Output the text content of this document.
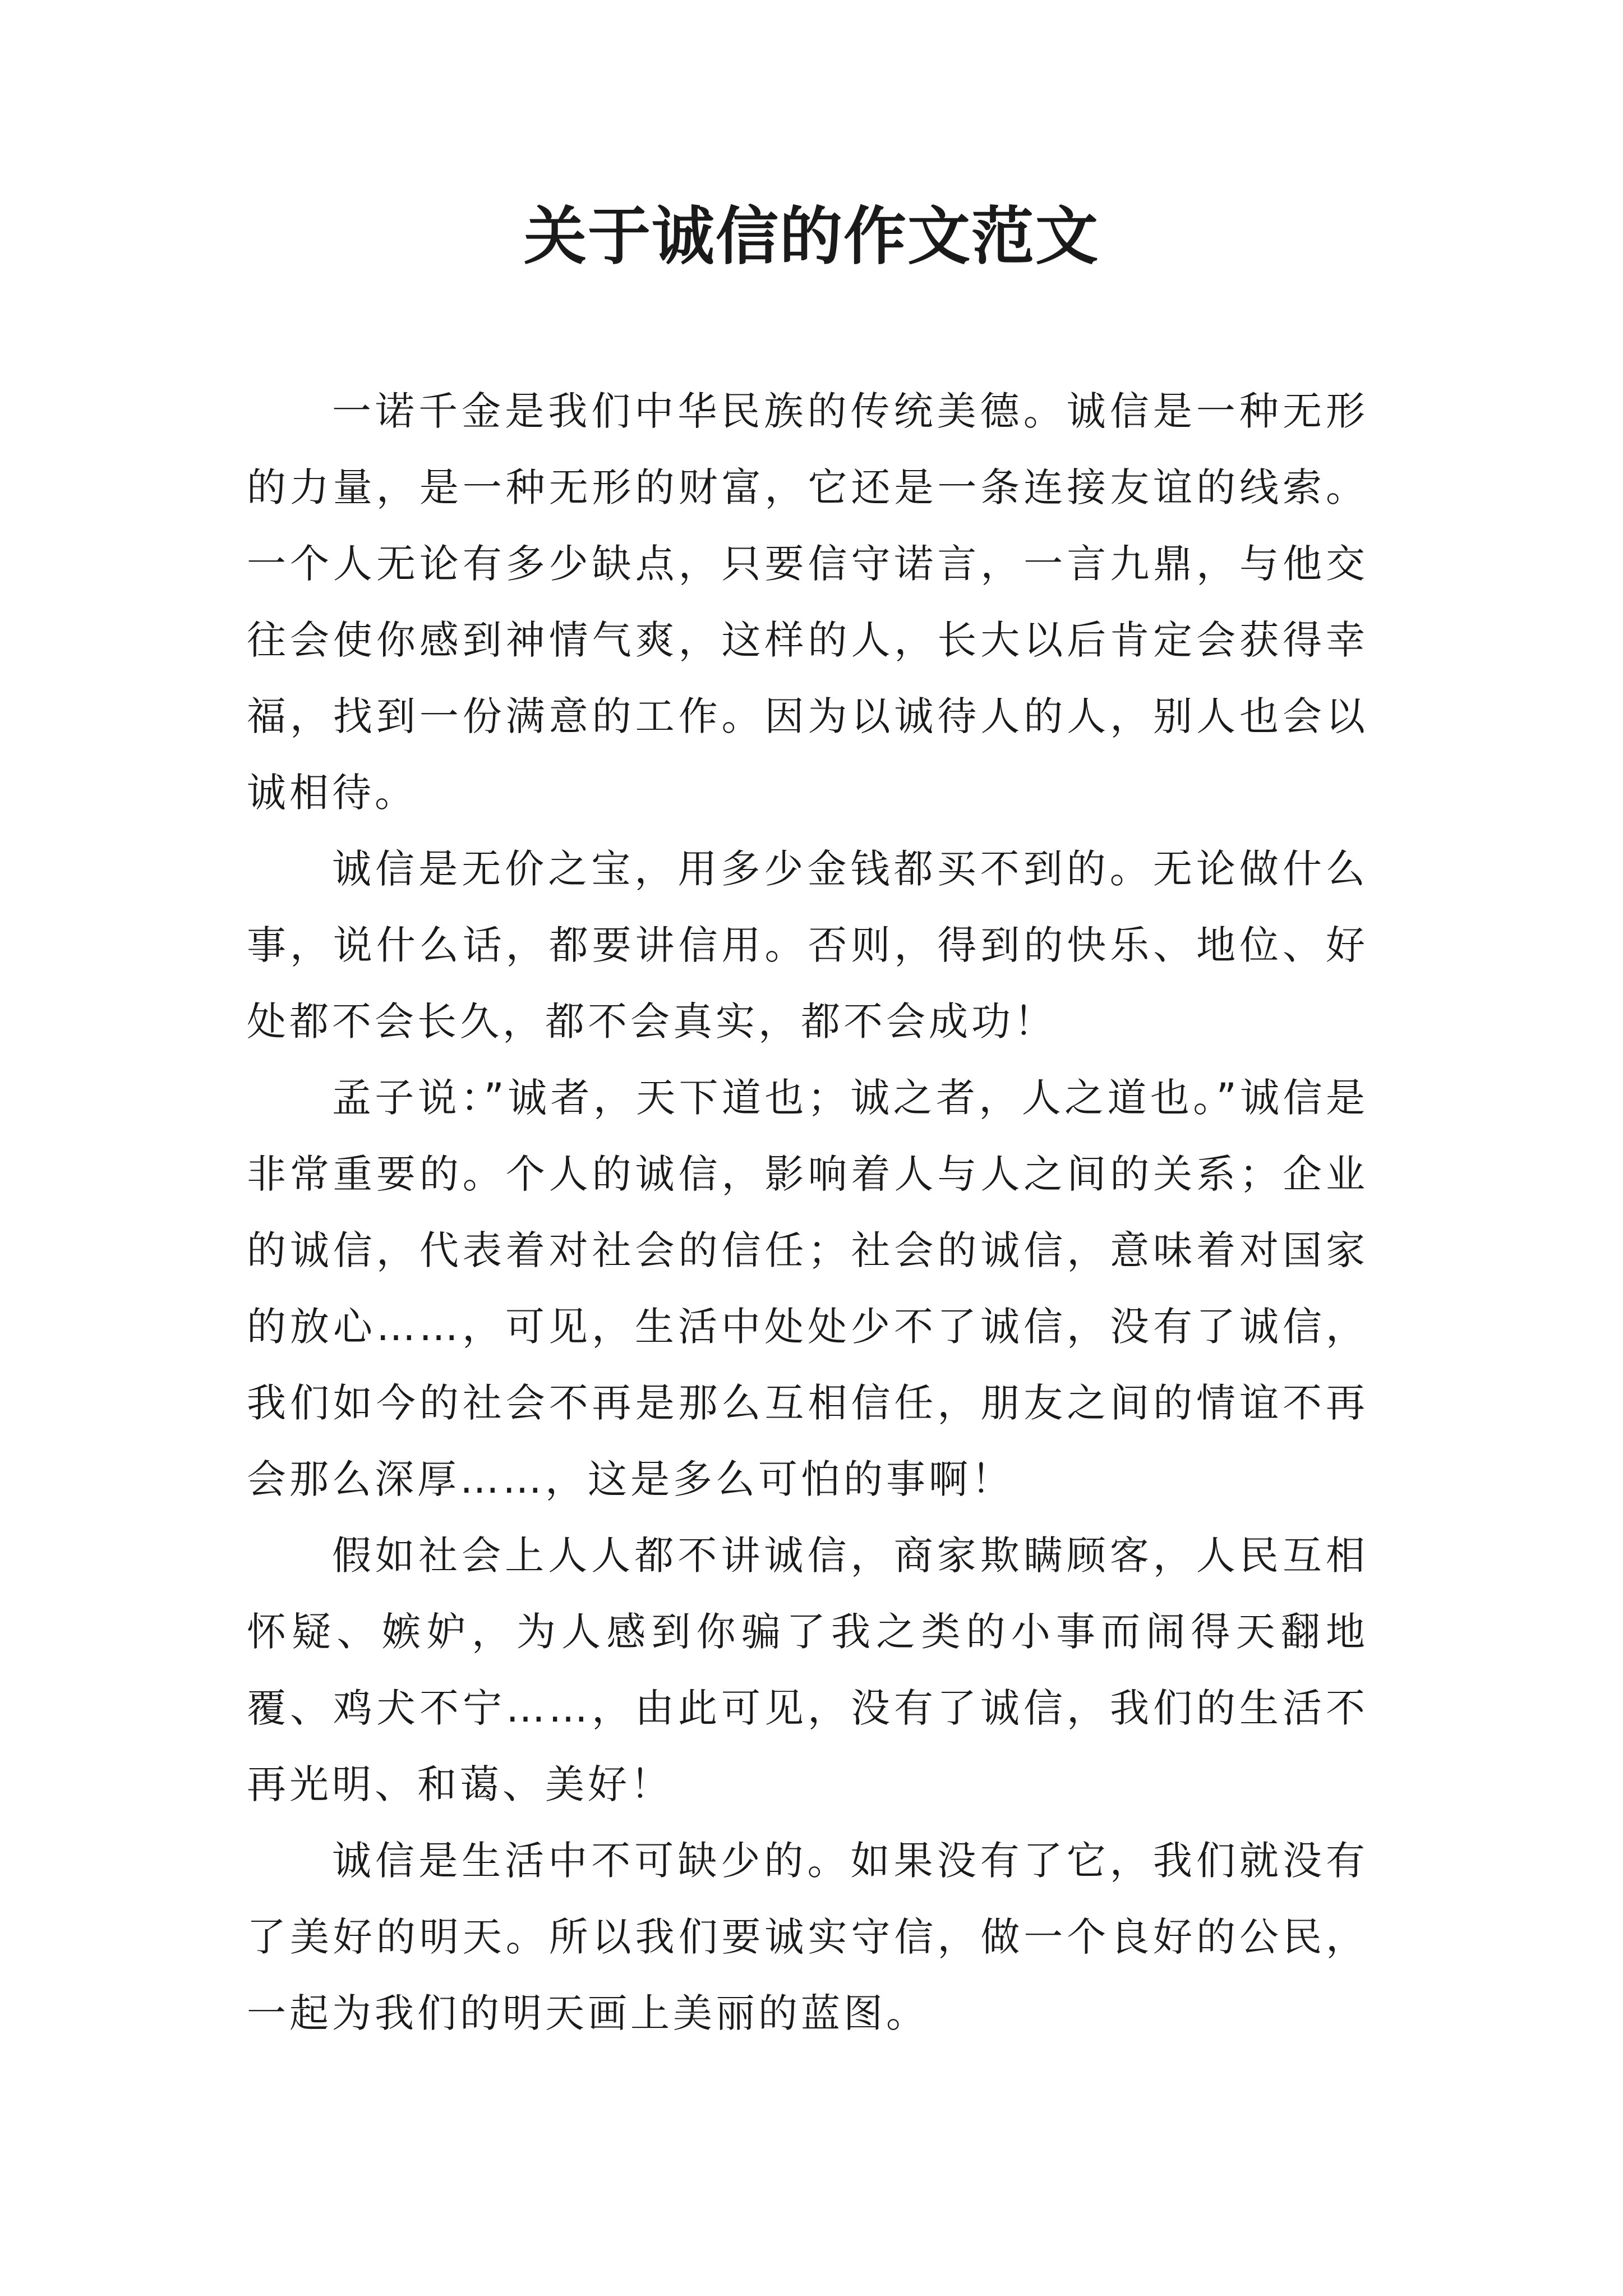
关于诚信的作文范文

一诺千金是我们中华民族的传统美德。诚信是一种无形的力量，是一种无形的财富，它还是一条连接友谊的线索。一个人无论有多少缺点，只要信守诺言，一言九鼎，与他交往会使你感到神情气爽，这样的人，长大以后肯定会获得幸福，找到一份满意的工作。因为以诚待人的人，别人也会以诚相待。

诚信是无价之宝，用多少金钱都买不到的。无论做什么事，说什么话，都要讲信用。否则，得到的快乐、地位、好处都不会长久，都不会真实，都不会成功！

孟子说：”诚者，天下道也；诚之者，人之道也。”诚信是非常重要的。个人的诚信，影响着人与人之间的关系；企业的诚信，代表着对社会的信任；社会的诚信，意味着对国家的放心……，可见，生活中处处少不了诚信，没有了诚信，我们如今的社会不再是那么互相信任，朋友之间的情谊不再会那么深厚……，这是多么可怕的事啊！

假如社会上人人都不讲诚信，商家欺瞒顾客，人民互相怀疑、嫉妒，为人感到你骗了我之类的小事而闹得天翻地覆、鸡犬不宁……，由此可见，没有了诚信，我们的生活不再光明、和蔼、美好！

诚信是生活中不可缺少的。如果没有了它，我们就没有了美好的明天。所以我们要诚实守信，做一个良好的公民，一起为我们的明天画上美丽的蓝图。
